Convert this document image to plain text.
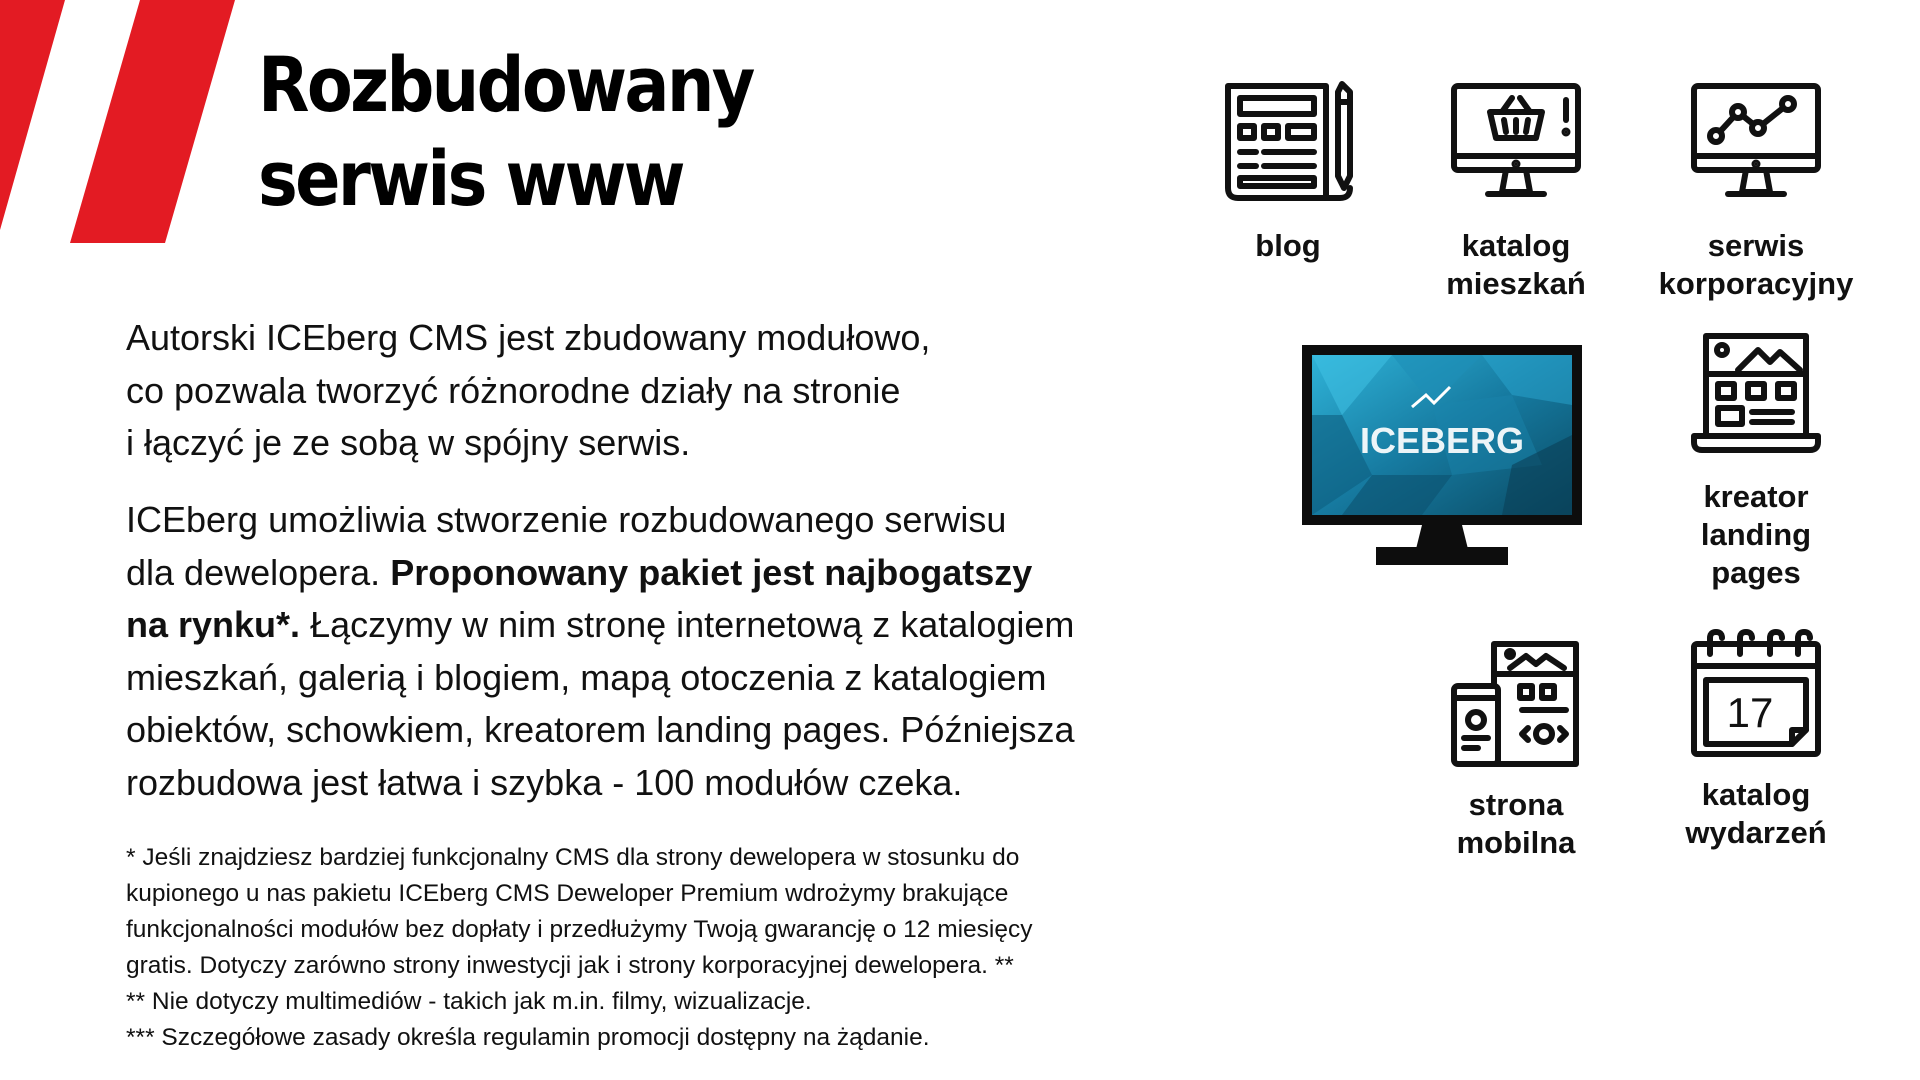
Rozbudowany
serwis www
Autorski ICEberg CMS jest zbudowany modułowo,
co pozwala tworzyć różnorodne działy na stronie
i łączyć je ze sobą w spójny serwis.
ICEberg umożliwia stworzenie rozbudowanego serwisu
dla dewelopera. Proponowany pakiet jest najbogatszy
na rynku*. Łączymy w nim stronę internetową z katalogiem
mieszkań, galerią i blogiem, mapą otoczenia z katalogiem
obiektów, schowkiem, kreatorem landing pages. Późniejsza
rozbudowa jest łatwa i szybka - 100 modułów czeka.
* Jeśli znajdziesz bardziej funkcjonalny CMS dla strony dewelopera w stosunku do
kupionego u nas pakietu ICEberg CMS Deweloper Premium wdrożymy brakujące
funkcjonalności modułów bez dopłaty i przedłużymy Twoją gwarancję o 12 miesięcy
gratis. Dotyczy zarówno strony inwestycji jak i strony korporacyjnej dewelopera. **
** Nie dotyczy multimediów - takich jak m.in. filmy, wizualizacje.
*** Szczegółowe zasady określa regulamin promocji dostępny na żądanie.
blog	katalog
mieszkań
serwis
korporacyjny
ICEBERG
kreator
landing
pages
strona
mobilna
17
katalog
wydarzeń
